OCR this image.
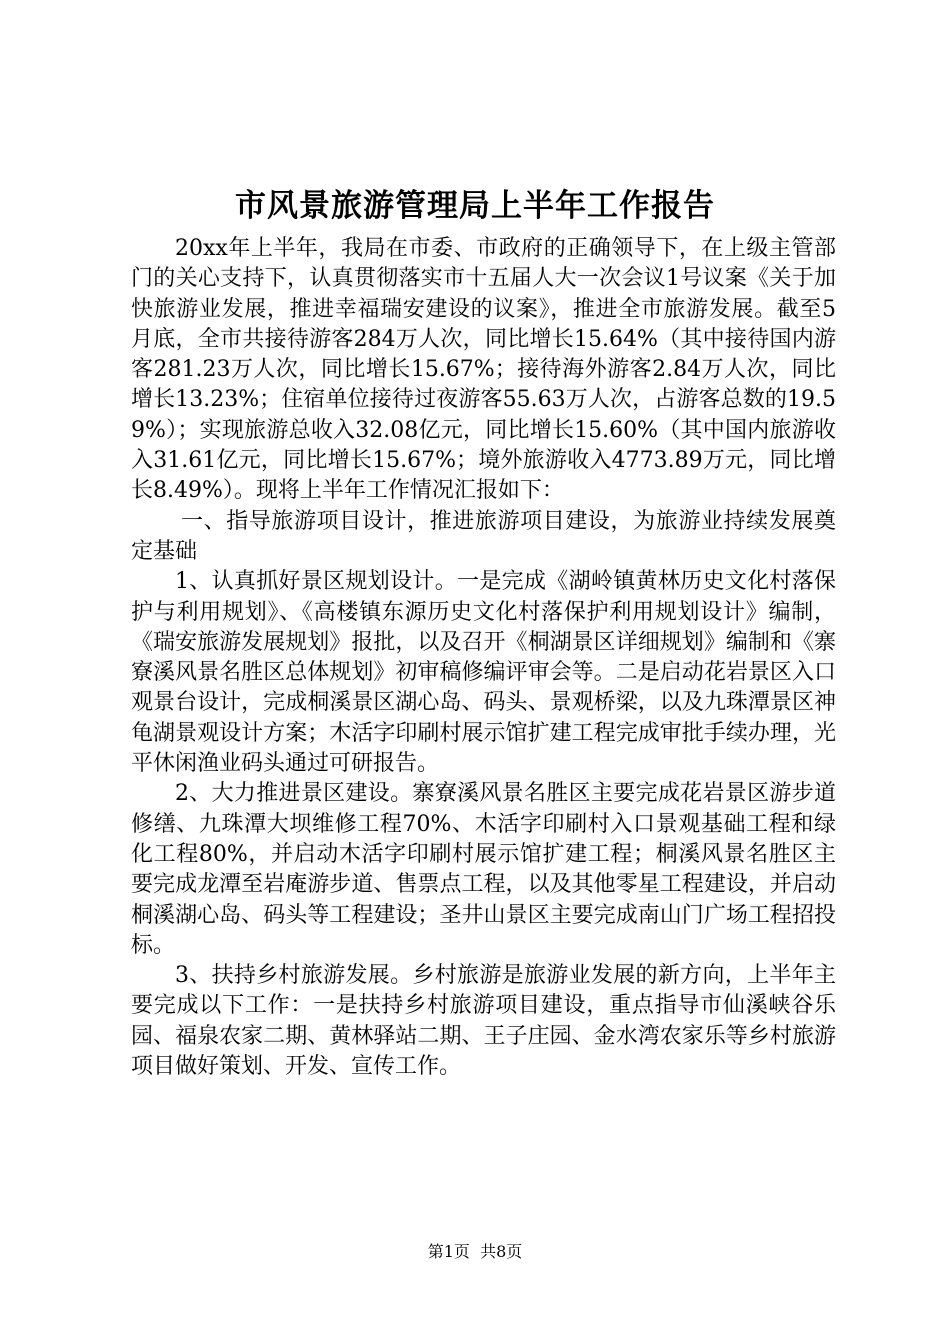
市风景旅游管理局上半年工作报告

20xx年上半年，我局在市委、市政府的正确领导下，在上级主管部门的关心支持下，认真贯彻落实市十五届人大一次会议1号议案《关于加快旅游业发展，推进幸福瑞安建设的议案》，推进全市旅游发展。截至5月底，全市共接待游客284万人次，同比增长15.64%（其中接待国内游客281.23万人次，同比增长15.67%；接待海外游客2.84万人次，同比增长13.23%；住宿单位接待过夜游客55.63万人次，占游客总数的19.59%）；实现旅游总收入32.08亿元，同比增长15.60%（其中国内旅游收入31.61亿元，同比增长15.67%；境外旅游收入4773.89万元，同比增长8.49%）。现将上半年工作情况汇报如下：

一、指导旅游项目设计，推进旅游项目建设，为旅游业持续发展奠定基础

1、认真抓好景区规划设计。一是完成《湖岭镇黄林历史文化村落保护与利用规划》、《高楼镇东源历史文化村落保护利用规划设计》编制，《瑞安旅游发展规划》报批，以及召开《桐湖景区详细规划》编制和《寨寮溪风景名胜区总体规划》初审稿修编评审会等。二是启动花岩景区入口观景台设计，完成桐溪景区湖心岛、码头、景观桥梁，以及九珠潭景区神龟湖景观设计方案；木活字印刷村展示馆扩建工程完成审批手续办理，光平休闲渔业码头通过可研报告。

2、大力推进景区建设。寨寮溪风景名胜区主要完成花岩景区游步道修缮、九珠潭大坝维修工程70%、木活字印刷村入口景观基础工程和绿化工程80%，并启动木活字印刷村展示馆扩建工程；桐溪风景名胜区主要完成龙潭至岩庵游步道、售票点工程，以及其他零星工程建设，并启动桐溪湖心岛、码头等工程建设；圣井山景区主要完成南山门广场工程招投标。

3、扶持乡村旅游发展。乡村旅游是旅游业发展的新方向，上半年主要完成以下工作：一是扶持乡村旅游项目建设，重点指导市仙溪峡谷乐园、福泉农家二期、黄林驿站二期、王子庄园、金水湾农家乐等乡村旅游项目做好策划、开发、宣传工作。

第1页 共8页
